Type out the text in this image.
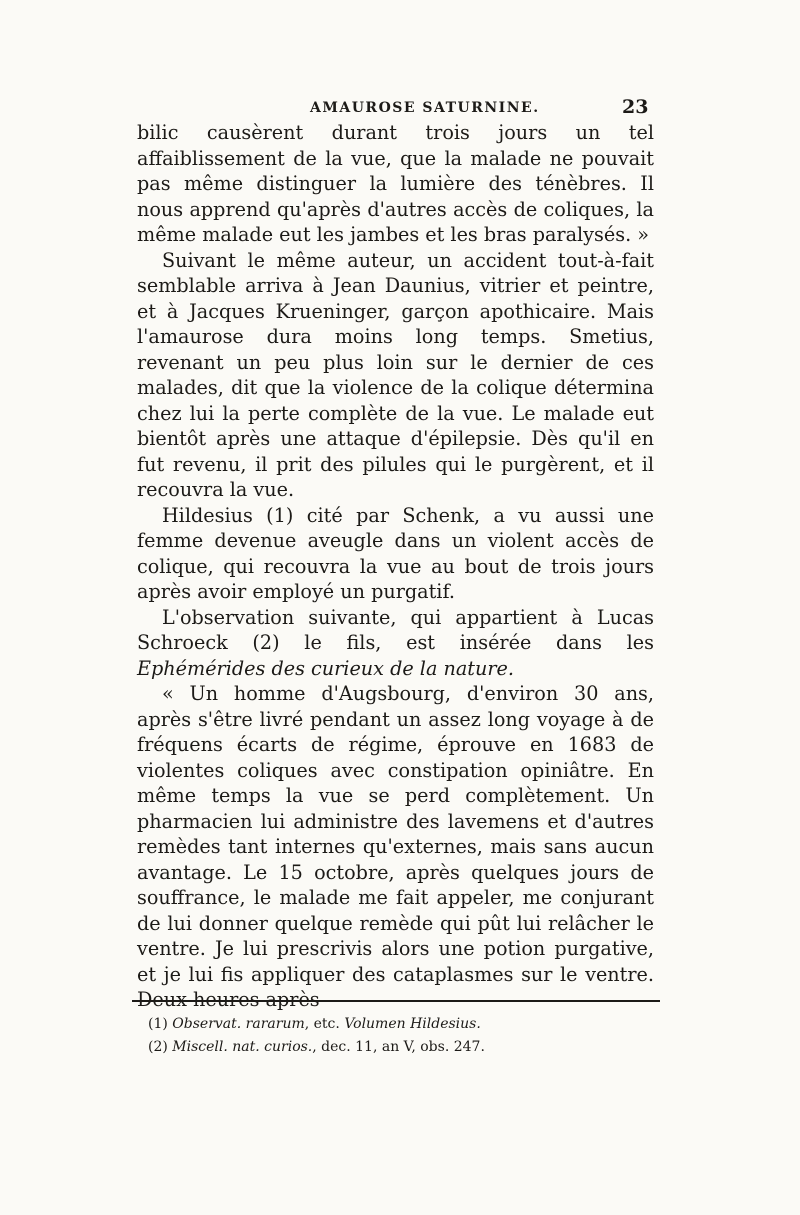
AMAUROSE SATURNINE.	23

bilic causèrent durant trois jours un tel affaiblissement de la vue, que la malade ne pouvait pas même distinguer la lumière des ténèbres. Il nous apprend qu'après d'autres accès de coliques, la même malade eut les jambes et les bras paralysés. »

Suivant le même auteur, un accident tout-à-fait semblable arriva à Jean Daunius, vitrier et peintre, et à Jacques Krueninger, garçon apothicaire. Mais l'amaurose dura moins long temps. Smetius, revenant un peu plus loin sur le dernier de ces malades, dit que la violence de la colique détermina chez lui la perte complète de la vue. Le malade eut bientôt après une attaque d'épilepsie. Dès qu'il en fut revenu, il prit des pilules qui le purgèrent, et il recouvra la vue.

Hildesius (1) cité par Schenk, a vu aussi une femme devenue aveugle dans un violent accès de colique, qui recouvra la vue au bout de trois jours après avoir employé un purgatif.

L'observation suivante, qui appartient à Lucas Schroeck (2) le fils, est insérée dans les Ephémérides des curieux de la nature.

« Un homme d'Augsbourg, d'environ 30 ans, après s'être livré pendant un assez long voyage à de fréquens écarts de régime, éprouve en 1683 de violentes coliques avec constipation opiniâtre. En même temps la vue se perd complètement. Un pharmacien lui administre des lavemens et d'autres remèdes tant internes qu'externes, mais sans aucun avantage. Le 15 octobre, après quelques jours de souffrance, le malade me fait appeler, me conjurant de lui donner quelque remède qui pût lui relâcher le ventre. Je lui prescrivis alors une potion purgative, et je lui fis appliquer des cataplasmes sur le ventre. Deux heures après

(1) Observat. rararum, etc. Volumen Hildesius.
(2) Miscell. nat. curios., dec. 11, an V, obs. 247.
